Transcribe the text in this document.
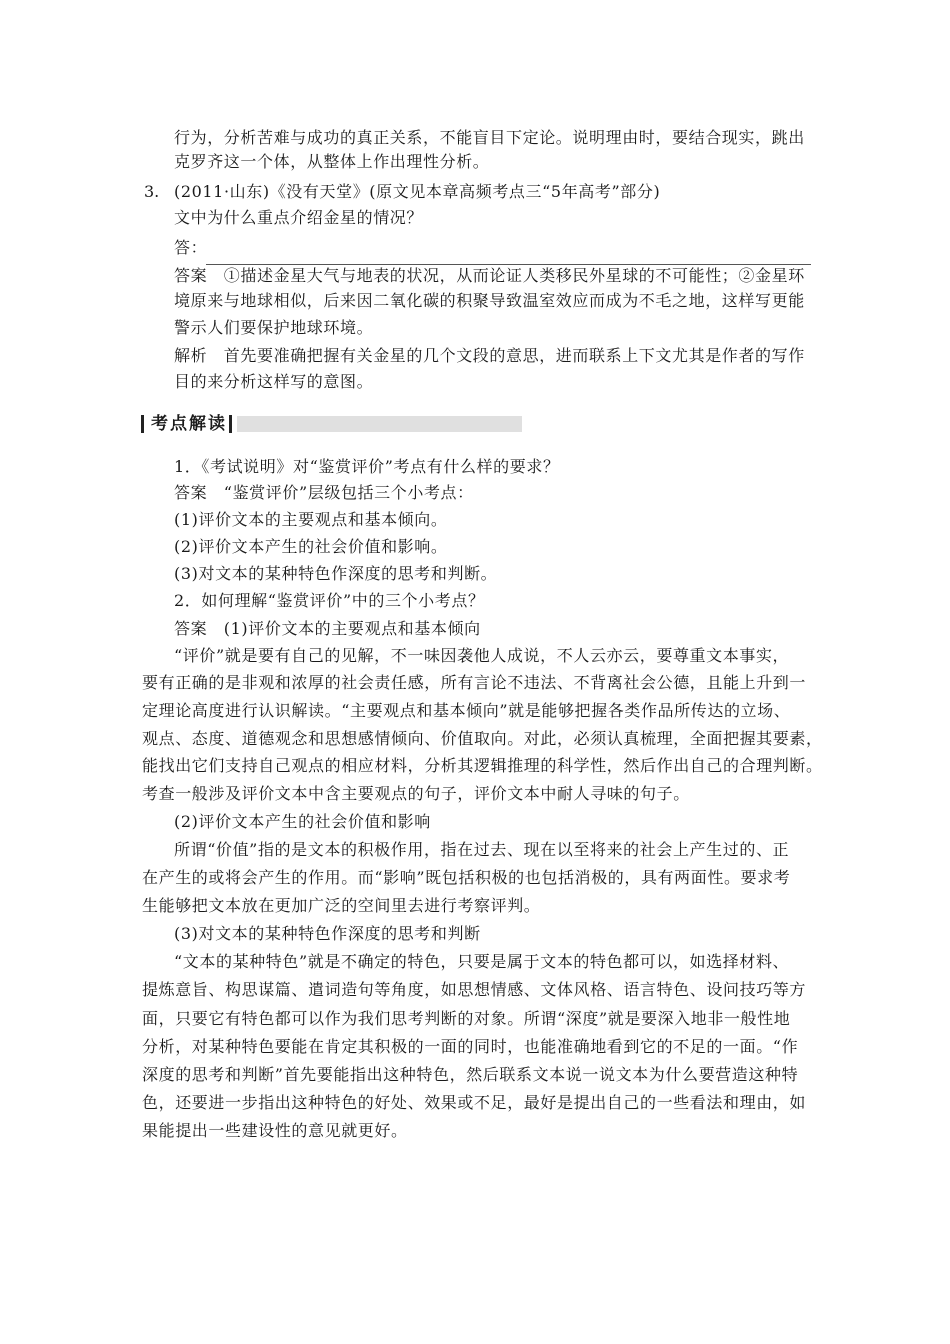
行为，分析苦难与成功的真正关系，不能盲目下定论。说明理由时，要结合现实，跳出
克罗齐这一个体，从整体上作出理性分析。
3. (2011·山东)《没有天堂》(原文见本章高频考点三“5年高考”部分)
文中为什么重点介绍金星的情况？
答：
答案　①描述金星大气与地表的状况，从而论证人类移民外星球的不可能性；②金星环
境原来与地球相似，后来因二氧化碳的积聚导致温室效应而成为不毛之地，这样写更能
警示人们要保护地球环境。
解析　首先要准确把握有关金星的几个文段的意思，进而联系上下文尤其是作者的写作
目的来分析这样写的意图。
考点解读
1．《考试说明》对“鉴赏评价”考点有什么样的要求？
答案　“鉴赏评价”层级包括三个小考点：
(1)评价文本的主要观点和基本倾向。
(2)评价文本产生的社会价值和影响。
(3)对文本的某种特色作深度的思考和判断。
2．如何理解“鉴赏评价”中的三个小考点？
答案　(1)评价文本的主要观点和基本倾向
“评价”就是要有自己的见解，不一味因袭他人成说，不人云亦云，要尊重文本事实，
要有正确的是非观和浓厚的社会责任感，所有言论不违法、不背离社会公德，且能上升到一
定理论高度进行认识解读。“主要观点和基本倾向”就是能够把握各类作品所传达的立场、
观点、态度、道德观念和思想感情倾向、价值取向。对此，必须认真梳理，全面把握其要素，
能找出它们支持自己观点的相应材料，分析其逻辑推理的科学性，然后作出自己的合理判断。
考查一般涉及评价文本中含主要观点的句子，评价文本中耐人寻味的句子。
(2)评价文本产生的社会价值和影响
所谓“价值”指的是文本的积极作用，指在过去、现在以至将来的社会上产生过的、正
在产生的或将会产生的作用。而“影响”既包括积极的也包括消极的，具有两面性。要求考
生能够把文本放在更加广泛的空间里去进行考察评判。
(3)对文本的某种特色作深度的思考和判断
“文本的某种特色”就是不确定的特色，只要是属于文本的特色都可以，如选择材料、
提炼意旨、构思谋篇、遣词造句等角度，如思想情感、文体风格、语言特色、设问技巧等方
面，只要它有特色都可以作为我们思考判断的对象。所谓“深度”就是要深入地非一般性地
分析，对某种特色要能在肯定其积极的一面的同时，也能准确地看到它的不足的一面。“作
深度的思考和判断”首先要能指出这种特色，然后联系文本说一说文本为什么要营造这种特
色，还要进一步指出这种特色的好处、效果或不足，最好是提出自己的一些看法和理由，如
果能提出一些建设性的意见就更好。
